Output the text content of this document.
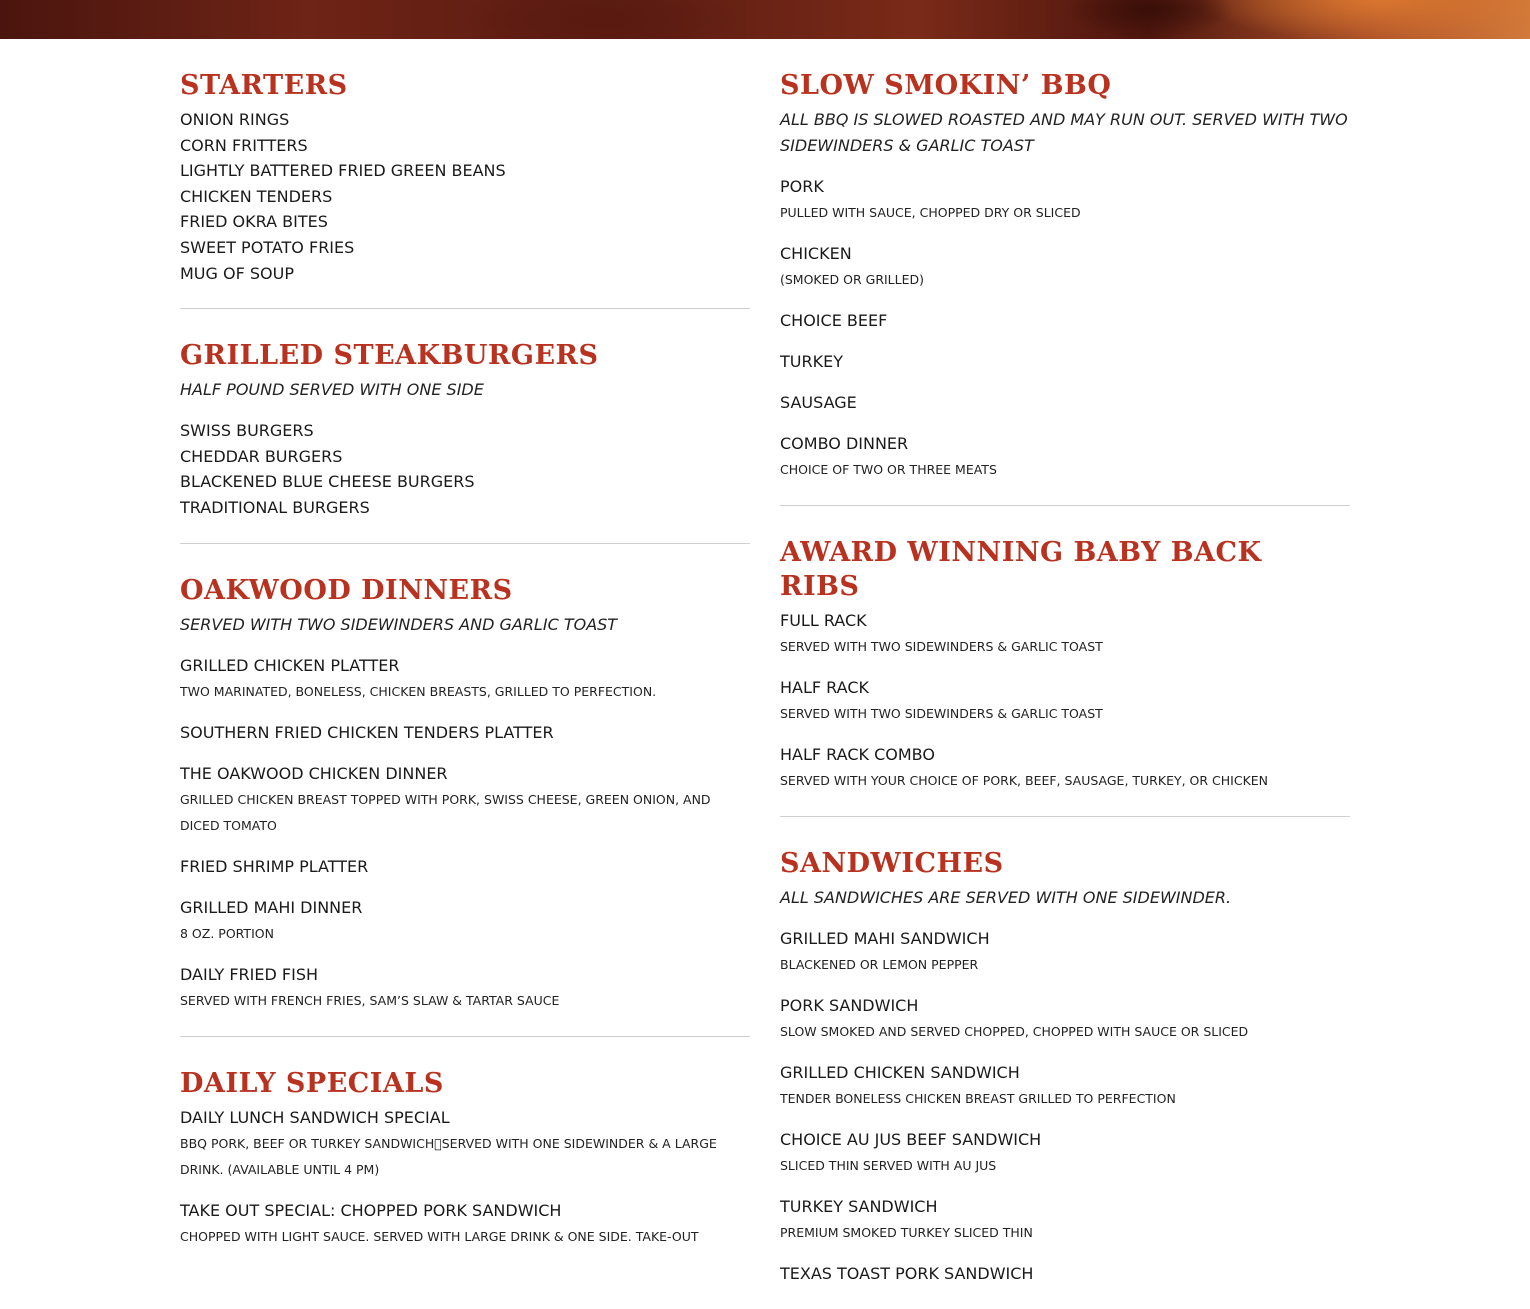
STARTERS
ONION RINGS
CORN FRITTERS
LIGHTLY BATTERED FRIED GREEN BEANS
CHICKEN TENDERS
FRIED OKRA BITES
SWEET POTATO FRIES
MUG OF SOUP
GRILLED STEAKBURGERS

HALF POUND SERVED WITH ONE SIDE

SWISS BURGERS
CHEDDAR BURGERS
BLACKENED BLUE CHEESE BURGERS
TRADITIONAL BURGERS
OAKWOOD DINNERS

SERVED WITH TWO SIDEWINDERS AND GARLIC TOAST

GRILLED CHICKEN PLATTER
TWO MARINATED, BONELESS, CHICKEN BREASTS, GRILLED TO PERFECTION.
SOUTHERN FRIED CHICKEN TENDERS PLATTER
THE OAKWOOD CHICKEN DINNER
GRILLED CHICKEN BREAST TOPPED WITH PORK, SWISS CHEESE, GREEN ONION, AND DICED TOMATO
FRIED SHRIMP PLATTER
GRILLED MAHI DINNER
8 OZ. PORTION
DAILY FRIED FISH
SERVED WITH FRENCH FRIES, SAM’S SLAW & TARTAR SAUCE
DAILY SPECIALS
DAILY LUNCH SANDWICH SPECIAL
BBQ PORK, BEEF OR TURKEY SANDWICH SERVED WITH ONE SIDEWINDER & A LARGE DRINK. (AVAILABLE UNTIL 4 PM)
TAKE OUT SPECIAL: CHOPPED PORK SANDWICH
CHOPPED WITH LIGHT SAUCE. SERVED WITH LARGE DRINK & ONE SIDE. TAKE-OUT
SLOW SMOKIN’ BBQ

ALL BBQ IS SLOWED ROASTED AND MAY RUN OUT. SERVED WITH TWO SIDEWINDERS & GARLIC TOAST

PORK
PULLED WITH SAUCE, CHOPPED DRY OR SLICED
CHICKEN
(SMOKED OR GRILLED)
CHOICE BEEF
TURKEY
SAUSAGE
COMBO DINNER
CHOICE OF TWO OR THREE MEATS
AWARD WINNING BABY BACK RIBS
FULL RACK
SERVED WITH TWO SIDEWINDERS & GARLIC TOAST
HALF RACK
SERVED WITH TWO SIDEWINDERS & GARLIC TOAST
HALF RACK COMBO
SERVED WITH YOUR CHOICE OF PORK, BEEF, SAUSAGE, TURKEY, OR CHICKEN
SANDWICHES

ALL SANDWICHES ARE SERVED WITH ONE SIDEWINDER.

GRILLED MAHI SANDWICH
BLACKENED OR LEMON PEPPER
PORK SANDWICH
SLOW SMOKED AND SERVED CHOPPED, CHOPPED WITH SAUCE OR SLICED
GRILLED CHICKEN SANDWICH
TENDER BONELESS CHICKEN BREAST GRILLED TO PERFECTION
CHOICE AU JUS BEEF SANDWICH
SLICED THIN SERVED WITH AU JUS
TURKEY SANDWICH
PREMIUM SMOKED TURKEY SLICED THIN
TEXAS TOAST PORK SANDWICH
